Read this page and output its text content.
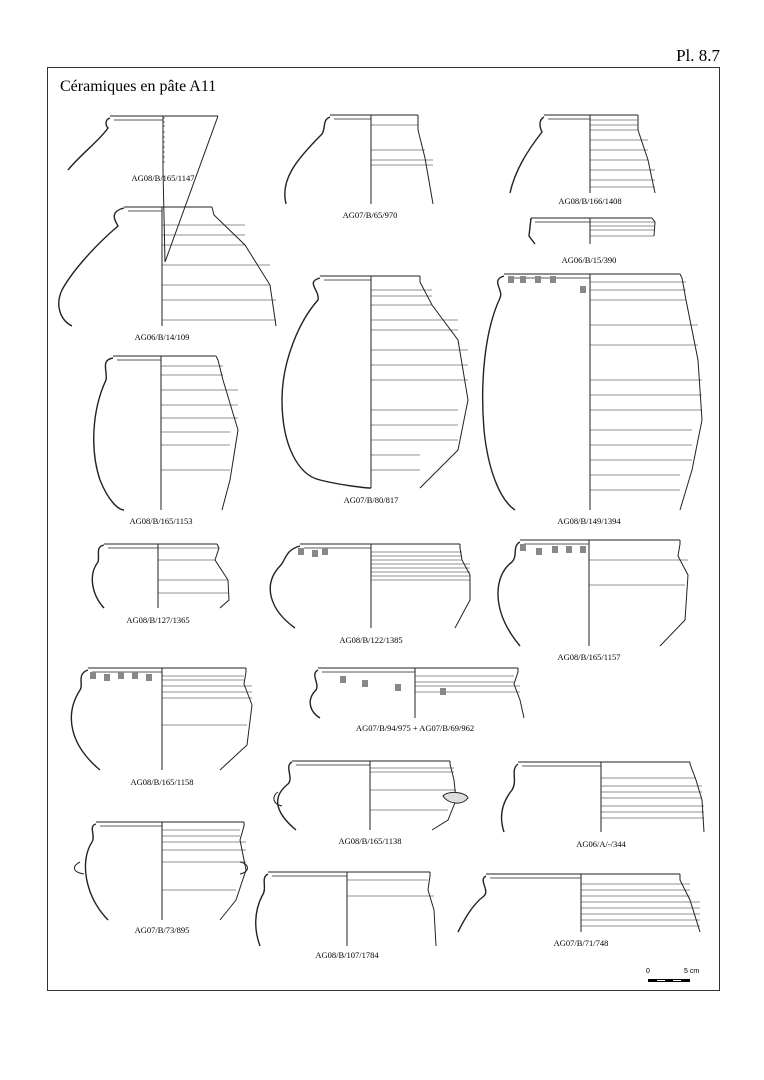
Pl. 8.7
Céramiques en pâte A11
AG08/B/165/1147
AG07/B/65/970
AG08/B/166/1408
AG06/B/15/390
AG06/B/14/109
AG07/B/80/817
AG08/B/149/1394
AG08/B/165/1153
AG08/B/127/1365
AG08/B/122/1385
AG08/B/165/1157
AG08/B/165/1158
AG07/B/94/975 + AG07/B/69/962
AG08/B/165/1138	AG06/A/-/344
AG07/B/73/895
AG08/B/107/1784
AG07/B/71/748
0	5 cm
